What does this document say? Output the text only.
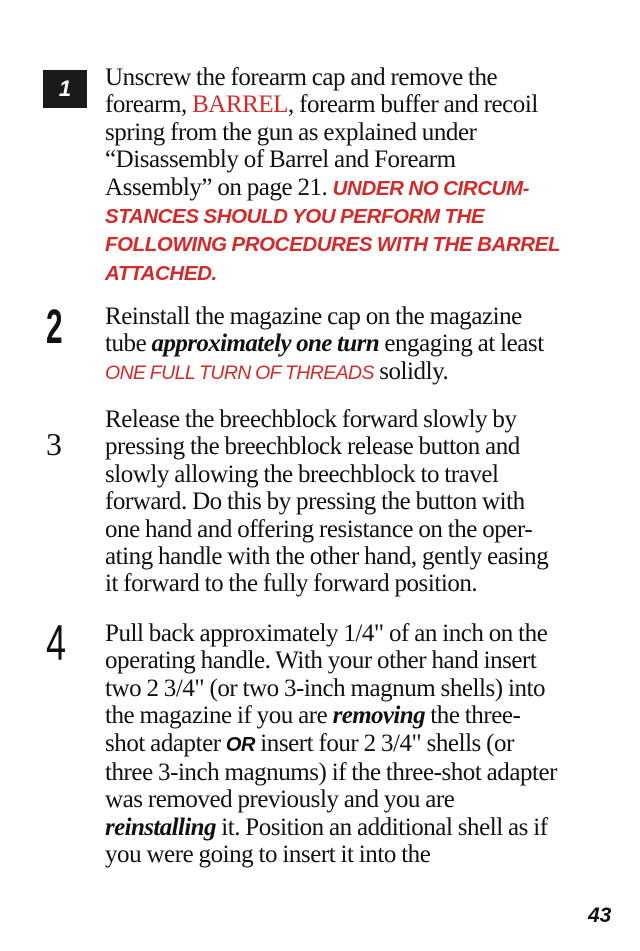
1	Unscrew the forearm cap and remove the forearm, BARREL, forearm buffer and recoil spring from the gun as explained under “Disassembly of Barrel and Forearm Assembly” on page 21. UNDER NO CIRCUM-STANCES SHOULD YOU PERFORM THE FOLLOWING PROCEDURES WITH THE BARREL ATTACHED.

2 Reinstall the magazine cap on the magazine tube approximately one turn engaging at least ONE FULL TURN OF THREADS solidly.

3

Release the breechblock forward slowly by pressing the breechblock release button and slowly allowing the breechblock to travel forward. Do this by pressing the button with one hand and offering resistance on the oper-ating handle with the other hand, gently easing it forward to the fully forward position.

4 Pull back approximately 1/4" of an inch on the operating handle. With your other hand insert two 2 3/4" (or two 3-inch magnum shells) into the magazine if you are removing the three-shot adapter OR insert four 2 3/4" shells (or three 3-inch magnums) if the three-shot adapter was removed previously and you are reinstalling it. Position an additional shell as if you were going to insert it into the

43
